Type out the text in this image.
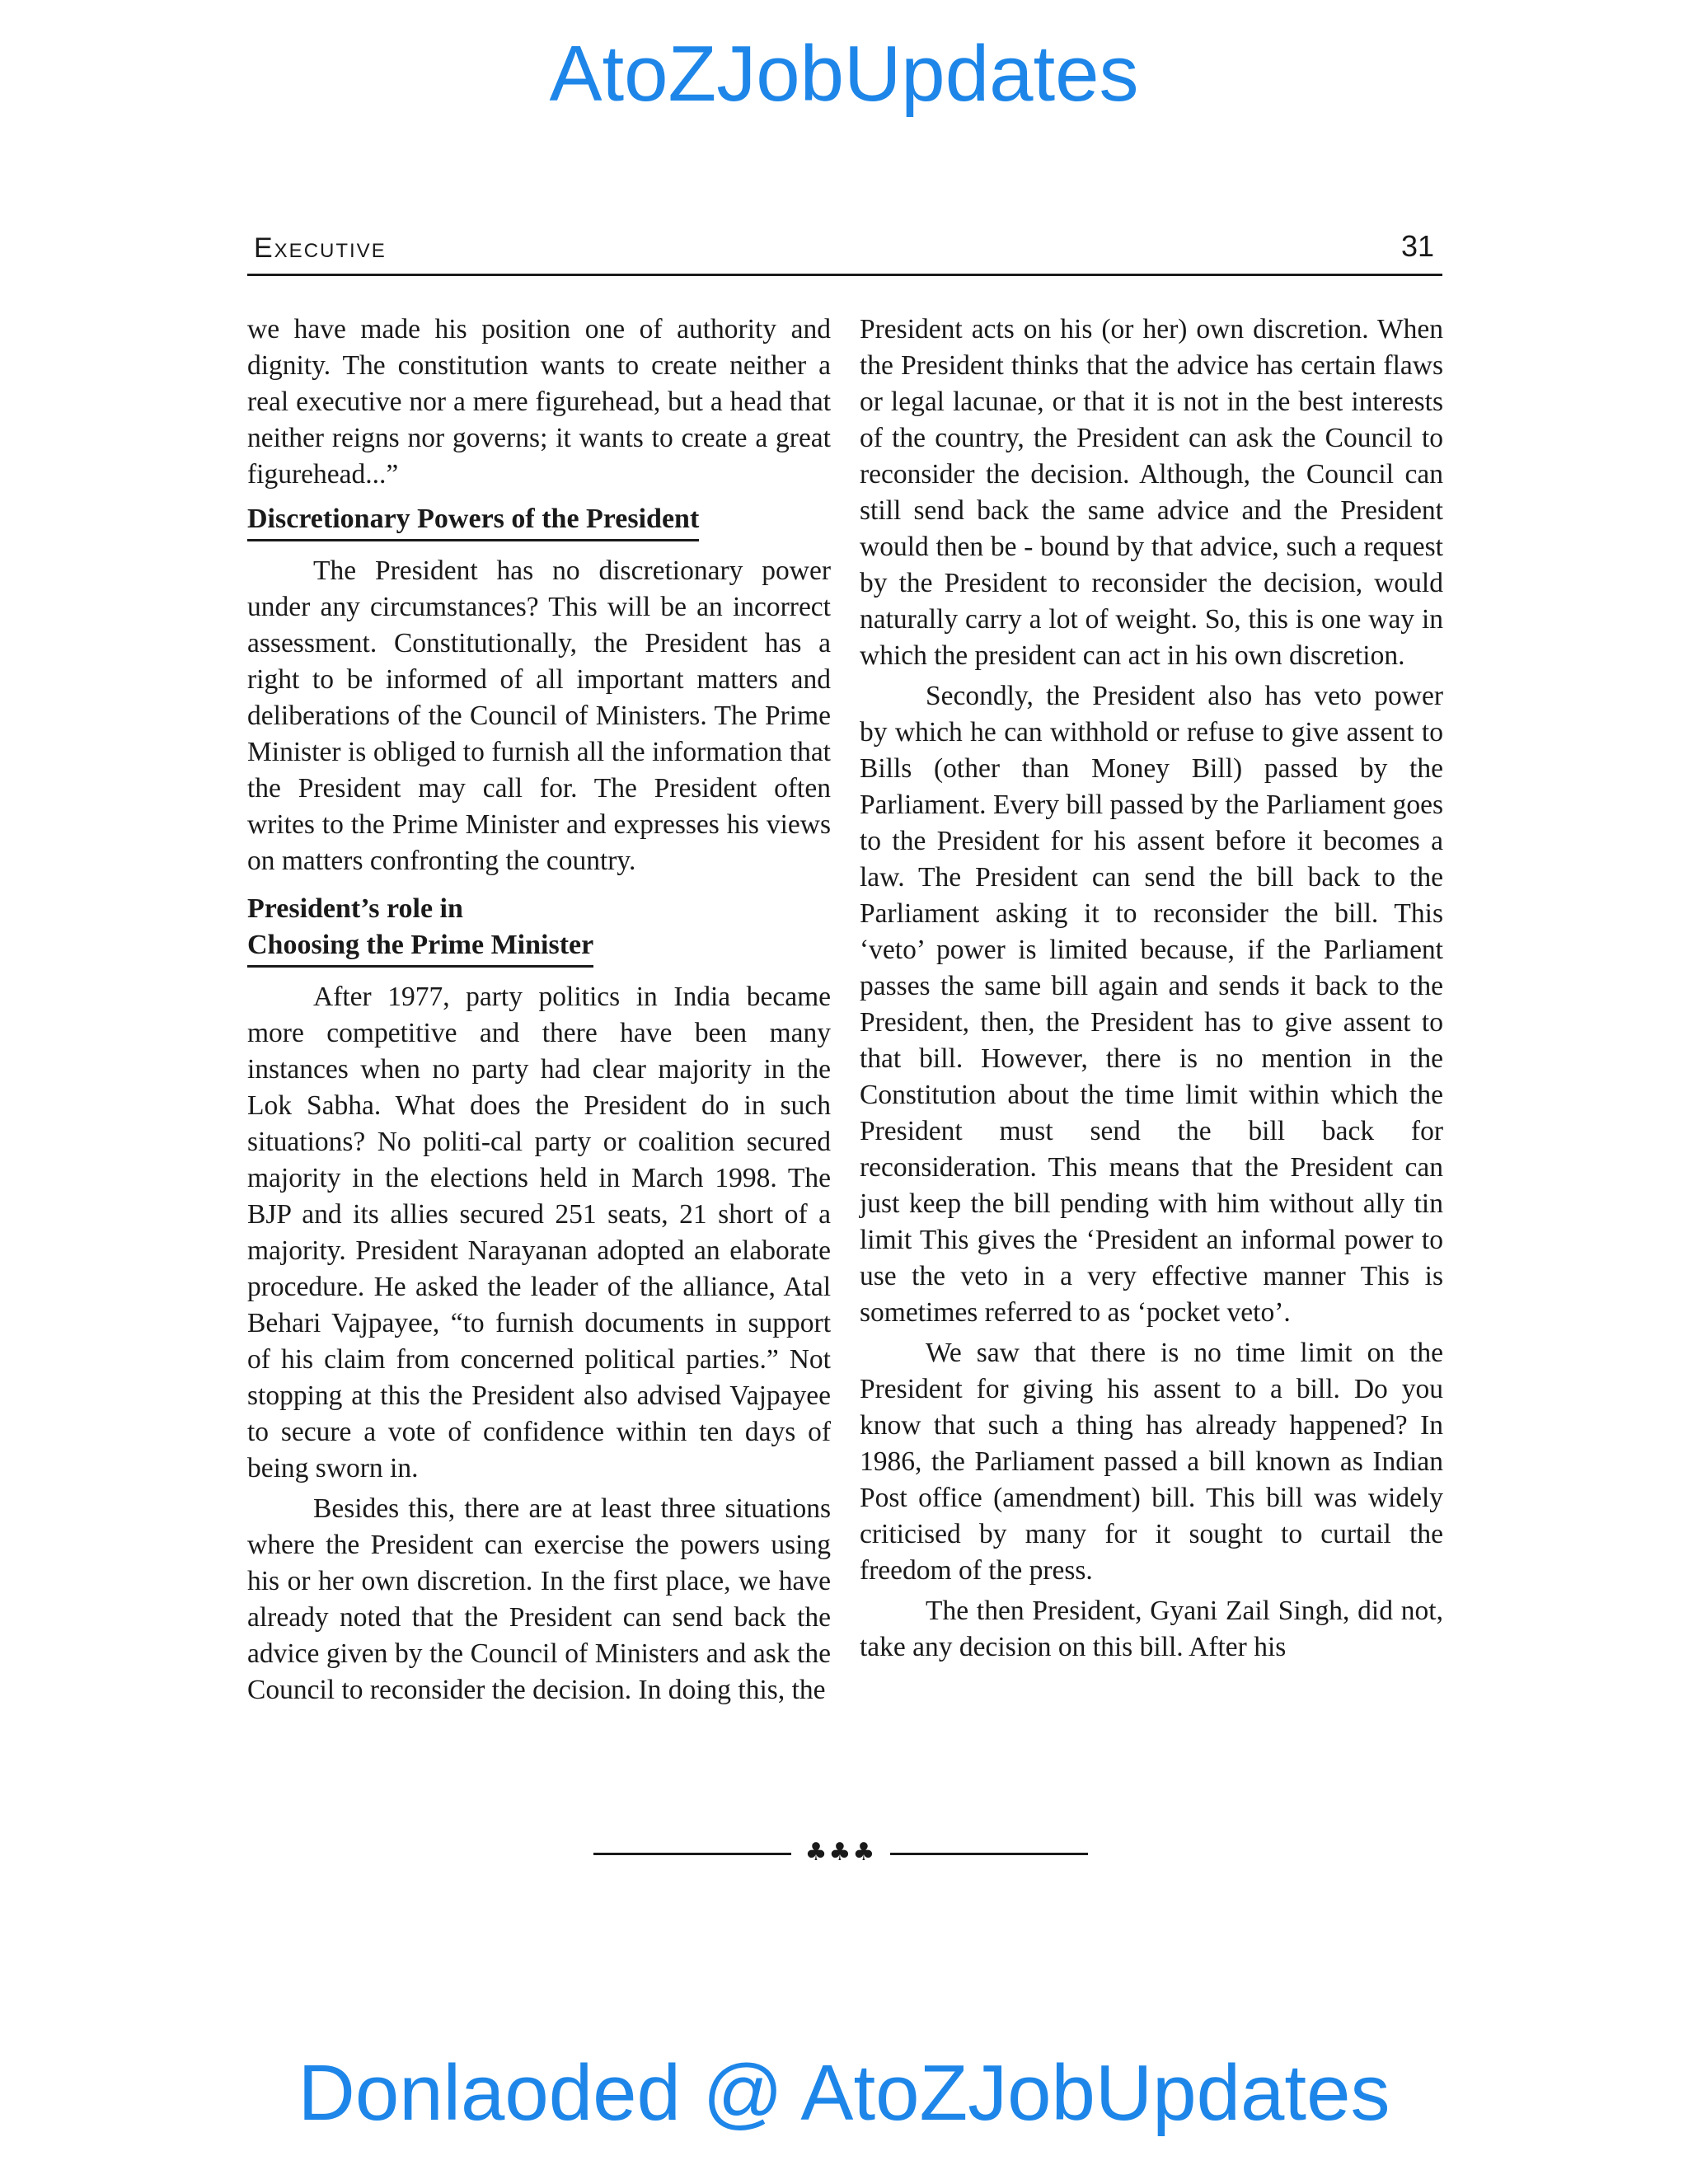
AtoZJobUpdates
Executive	31

we have made his position one of authority and dignity. The constitution wants to create neither a real executive nor a mere figurehead, but a head that neither reigns nor governs; it wants to create a great figurehead...”

Discretionary Powers of the President

The President has no discretionary power under any circumstances? This will be an incorrect assessment. Constitutionally, the President has a right to be informed of all important matters and deliberations of the Council of Ministers. The Prime Minister is obliged to furnish all the information that the President may call for. The President often writes to the Prime Minister and expresses his views on matters confronting the country.

President’s role in
Choosing the Prime Minister

After 1977, party politics in India became more competitive and there have been many instances when no party had clear majority in the Lok Sabha. What does the President do in such situations? No politi-cal party or coalition secured majority in the elections held in March 1998. The BJP and its allies secured 251 seats, 21 short of a majority. President Narayanan adopted an elaborate procedure. He asked the leader of the alliance, Atal Behari Vajpayee, “to furnish documents in support of his claim from concerned political parties.” Not stopping at this the President also advised Vajpayee to secure a vote of confidence within ten days of being sworn in.

Besides this, there are at least three situations where the President can exercise the powers using his or her own discretion. In the first place, we have already noted that the President can send back the advice given by the Council of Ministers and ask the Council to reconsider the decision. In doing this, the

President acts on his (or her) own discretion. When the President thinks that the advice has certain flaws or legal lacunae, or that it is not in the best interests of the country, the President can ask the Council to reconsider the decision. Although, the Council can still send back the same advice and the President would then be - bound by that advice, such a request by the President to reconsider the decision, would naturally carry a lot of weight. So, this is one way in which the president can act in his own discretion.

Secondly, the President also has veto power by which he can withhold or refuse to give assent to Bills (other than Money Bill) passed by the Parliament. Every bill passed by the Parliament goes to the President for his assent before it becomes a law. The President can send the bill back to the Parliament asking it to reconsider the bill. This ‘veto’ power is limited because, if the Parliament passes the same bill again and sends it back to the President, then, the President has to give assent to that bill. However, there is no mention in the Constitution about the time limit within which the President must send the bill back for reconsideration. This means that the President can just keep the bill pending with him without ally tin limit This gives the ‘President an informal power to use the veto in a very effective manner This is sometimes referred to as ‘pocket veto’.

We saw that there is no time limit on the President for giving his assent to a bill. Do you know that such a thing has already happened? In 1986, the Parliament passed a bill known as Indian Post office (amendment) bill. This bill was widely criticised by many for it sought to curtail the freedom of the press.

The then President, Gyani Zail Singh, did not, take any decision on this bill. After his

♣♣♣
Donlaoded @ AtoZJobUpdates
